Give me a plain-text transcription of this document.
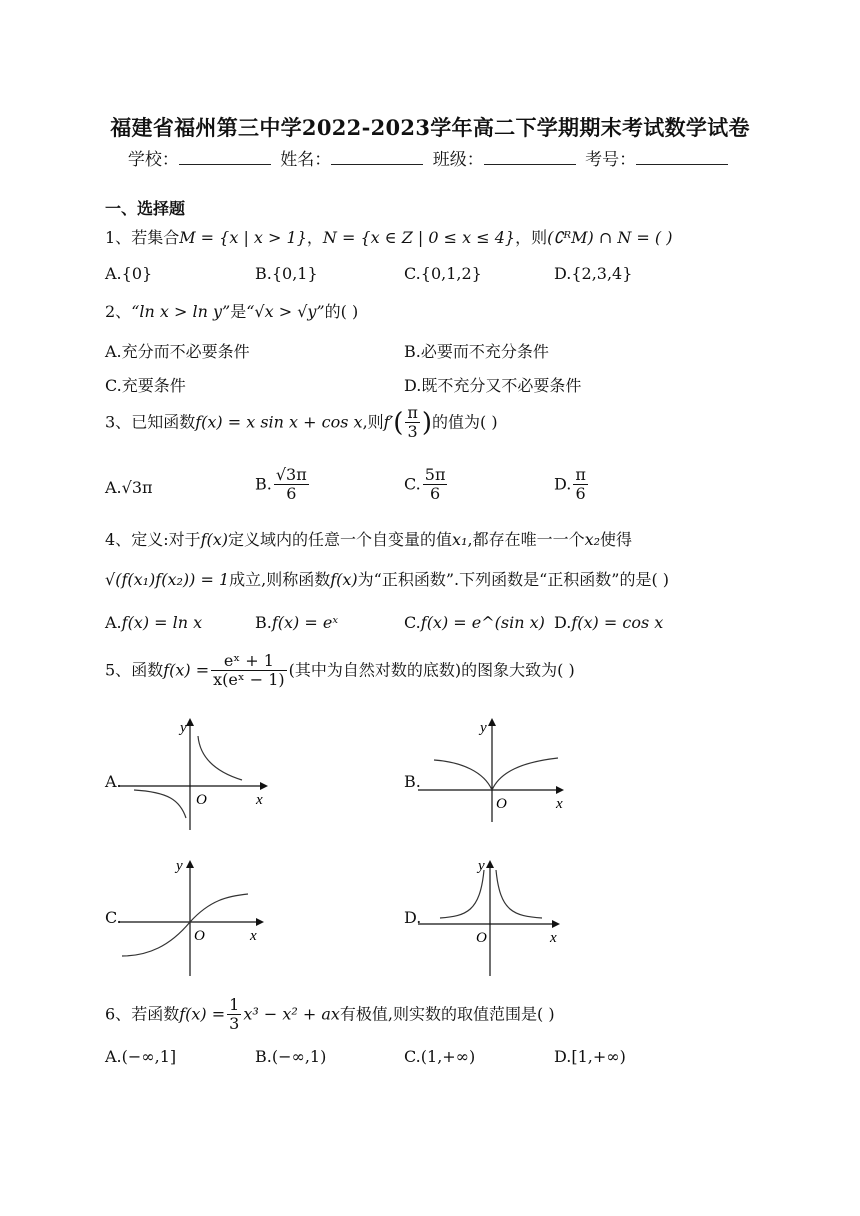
福建省福州第三中学2022-2023学年高二下学期期末考试数学试卷
学校：	姓名：	班级：	考号：
一、选择题
1、若集合M = {x | x > 1}，N = {x ∈ Z | 0 ≤ x ≤ 4}，则(∁ᴿM) ∩ N = ( )
A.{0}	B.{0,1}	C.{0,1,2}	D.{2,3,4}
2、“ln x > ln y”是“√x > √y”的( )
A.充分而不必要条件	B.必要而不充分条件
C.充要条件	D.既不充分又不必要条件
3、已知函数f(x) = x sin x + cos x,则$f'( \frac{\pi}{3}$ )的值为( )
A.√3π	B. $\frac{√3\pi}{6}$	C. $\frac{5\pi}{6}$	D. $\frac{\pi}{6}$
4、定义:对于f(x)定义域内的任意一个自变量的值x₁,都存在唯一一个x₂使得
√(f(x₁)f(x₂)) = 1成立,则称函数f(x)为“正积函数”.下列函数是“正积函数”的是( )
A.f(x) = ln x	B.f(x) = eˣ	C.f(x) = e^(sin x) D.f(x) = cos x
5、函数$f(x) = \frac{\text{eˣ + 1}}{\text{x(eˣ − 1)}}$ (其中为自然对数的底数)的图象大致为( )
A.
y
O	x
B.
y
O	x
C.
y
O	x
D.
y
O	x
6、若函数$f(x) = \frac{1}{3} x^3 - x^2$ + ax有极值,则实数的取值范围是( )
A.(−∞,1]	B.(−∞,1)	C.(1,+∞)	D.[1,+∞)
